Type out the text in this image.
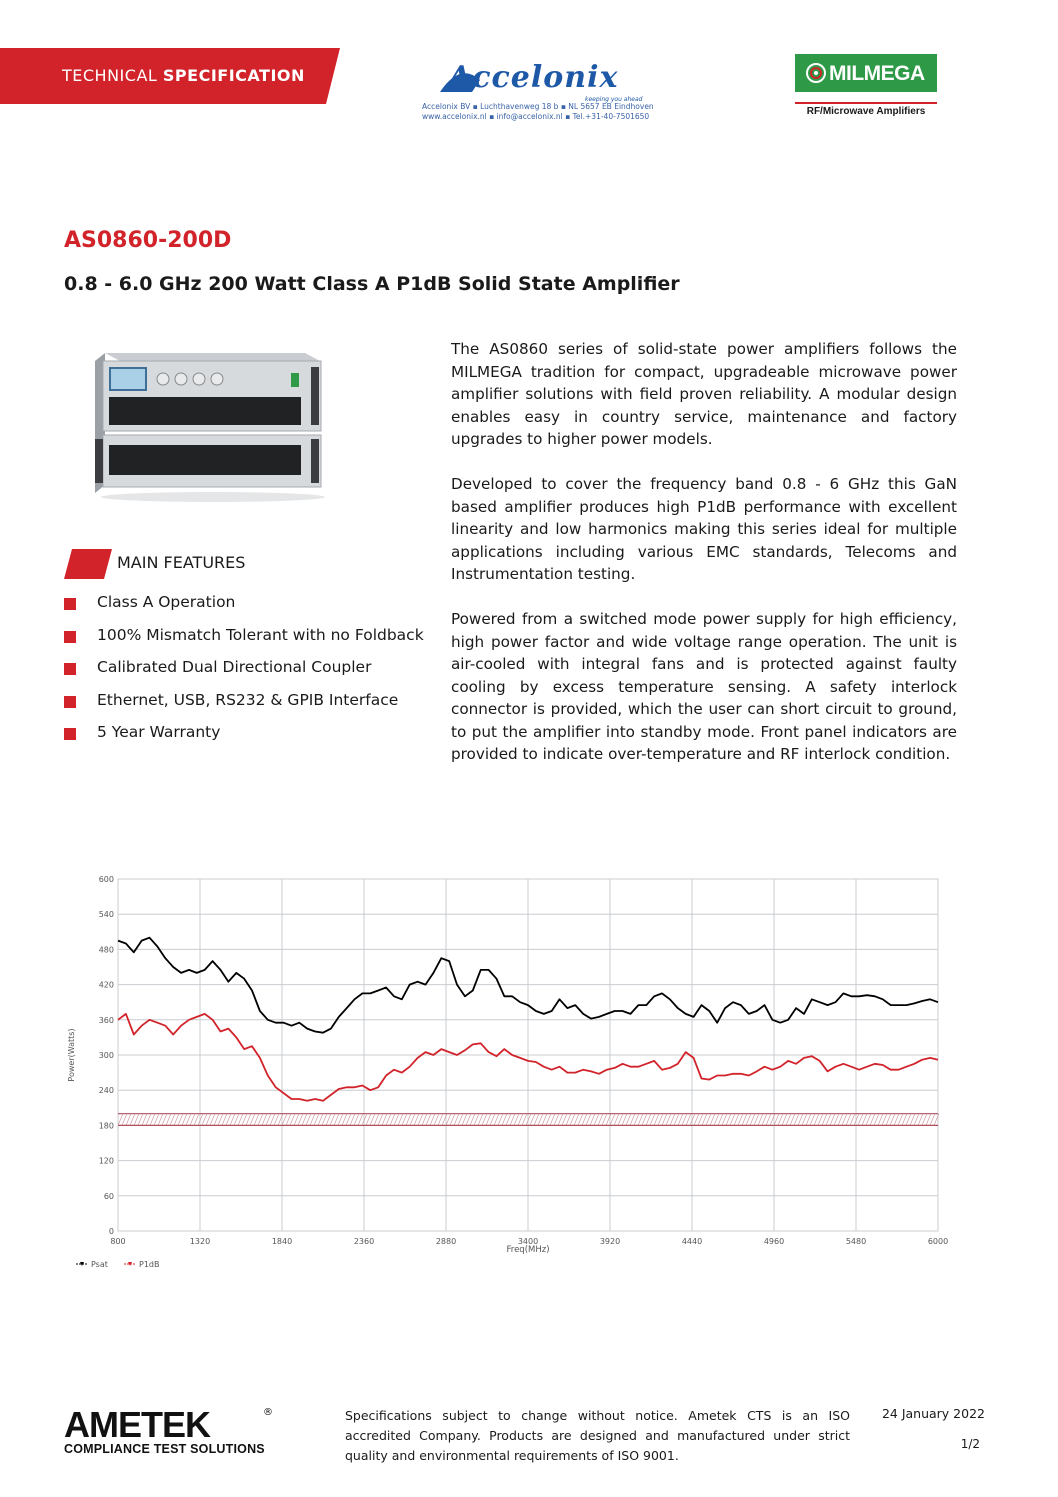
TECHNICAL SPECIFICATION	Accelonix
keeping you ahead
Accelonix BV ▪ Luchthavenweg 18 b ▪ NL 5657 EB Eindhoven
www.accelonix.nl ▪ info@accelonix.nl ▪ Tel.+31-40-7501650
MILMEGA
RF/Microwave Amplifiers
AS0860-200D
0.8 - 6.0 GHz 200 Watt Class A P1dB Solid State Amplifier
MAIN FEATURES
Class A Operation
100% Mismatch Tolerant with no Foldback
Calibrated Dual Directional Coupler
Ethernet, USB, RS232 & GPIB Interface
5 Year Warranty

The AS0860 series of solid-state power amplifiers follows the MILMEGA tradition for compact, upgradeable microwave power amplifier solutions with field proven reliability. A modular design enables easy in country service, maintenance and factory upgrades to higher power models.

Developed to cover the frequency band 0.8 - 6 GHz this GaN based amplifier produces high P1dB performance with excellent linearity and low harmonics making this series ideal for multiple applications including various EMC standards, Telecoms and Instrumentation testing.

Powered from a switched mode power supply for high efficiency, high power factor and wide voltage range operation. The unit is air-cooled with integral fans and is protected against faulty cooling by excess temperature sensing. A safety interlock connector is provided, which the user can short circuit to ground, to put the amplifier into standby mode. Front panel indicators are provided to indicate over-temperature and RF interlock condition.

800	1320	1840	2360	2880	3400	3920	4440	4960	5480	6000
0
60
120
180
240
300
360
420
480
540
600
Freq(MHz)
Power(Watts)
Psat	P1dB
AMETEK	®
COMPLIANCE TEST SOLUTIONS
Specifications subject to change without notice. Ametek CTS is an ISO accredited Company. Products are designed and manufactured under strict quality and environmental requirements of ISO 9001.
24 January 2022
1/2
